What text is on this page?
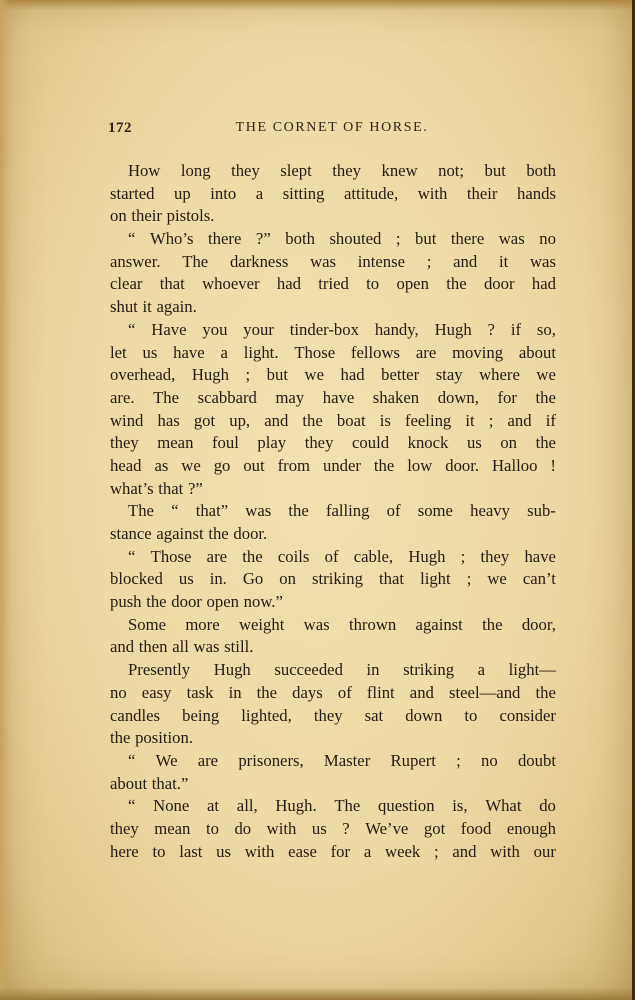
172	THE CORNET OF HORSE.
How long they slept they knew not; but both
started up into a sitting attitude, with their hands
on their pistols.
“ Who’s there ?” both shouted ; but there was no
answer. The darkness was intense ; and it was
clear that whoever had tried to open the door had
shut it again.
“ Have you your tinder-box handy, Hugh ? if so,
let us have a light. Those fellows are moving about
overhead, Hugh ; but we had better stay where we
are. The scabbard may have shaken down, for the
wind has got up, and the boat is feeling it ; and if
they mean foul play they could knock us on the
head as we go out from under the low door. Halloo !
what’s that ?”
The “ that” was the falling of some heavy sub-
stance against the door.
“ Those are the coils of cable, Hugh ; they have
blocked us in. Go on striking that light ; we can’t
push the door open now.”
Some more weight was thrown against the door,
and then all was still.
Presently Hugh succeeded in striking a light—
no easy task in the days of flint and steel—and the
candles being lighted, they sat down to consider
the position.
“ We are prisoners, Master Rupert ; no doubt
about that.”
“ None at all, Hugh. The question is, What do
they mean to do with us ? We’ve got food enough
here to last us with ease for a week ; and with our
